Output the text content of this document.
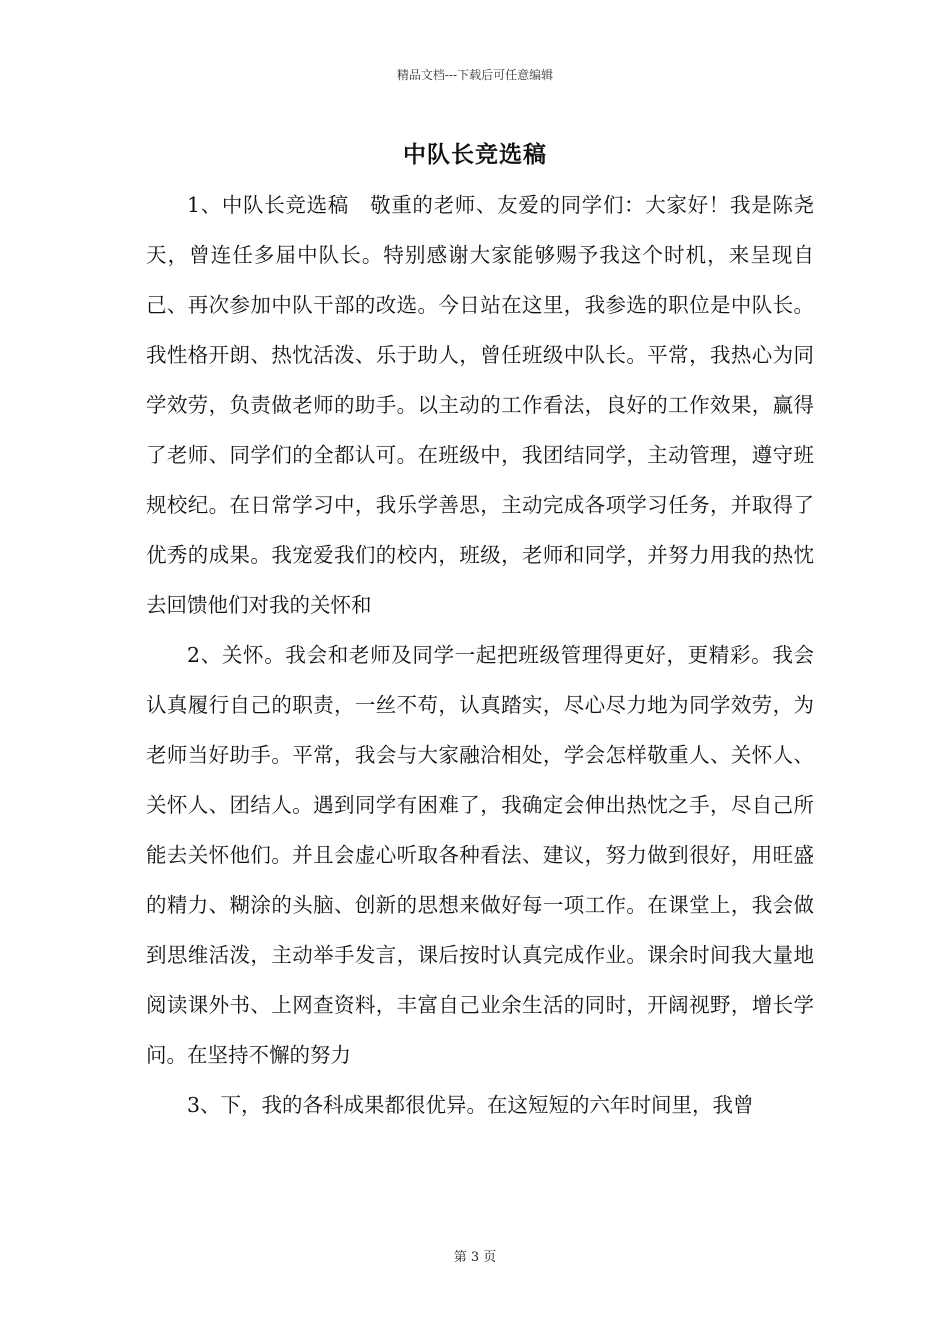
精品文档---下载后可任意编辑
中队长竞选稿

1、中队长竞选稿　敬重的老师、友爱的同学们：大家好！我是陈尧天，曾连任多届中队长。特别感谢大家能够赐予我这个时机，来呈现自己、再次参加中队干部的改选。今日站在这里，我参选的职位是中队长。我性格开朗、热忱活泼、乐于助人，曾任班级中队长。平常，我热心为同学效劳，负责做老师的助手。以主动的工作看法，良好的工作效果，赢得了老师、同学们的全都认可。在班级中，我团结同学，主动管理，遵守班规校纪。在日常学习中，我乐学善思，主动完成各项学习任务，并取得了优秀的成果。我宠爱我们的校内，班级，老师和同学，并努力用我的热忱去回馈他们对我的关怀和

2、关怀。我会和老师及同学一起把班级管理得更好，更精彩。我会认真履行自己的职责，一丝不苟，认真踏实，尽心尽力地为同学效劳，为老师当好助手。平常，我会与大家融洽相处，学会怎样敬重人、关怀人、关怀人、团结人。遇到同学有困难了，我确定会伸出热忱之手，尽自己所能去关怀他们。并且会虚心听取各种看法、建议，努力做到很好，用旺盛的精力、糊涂的头脑、创新的思想来做好每一项工作。在课堂上，我会做到思维活泼，主动举手发言，课后按时认真完成作业。课余时间我大量地阅读课外书、上网查资料，丰富自己业余生活的同时，开阔视野，增长学问。在坚持不懈的努力

3、下，我的各科成果都很优异。在这短短的六年时间里，我曾

第 3 页
